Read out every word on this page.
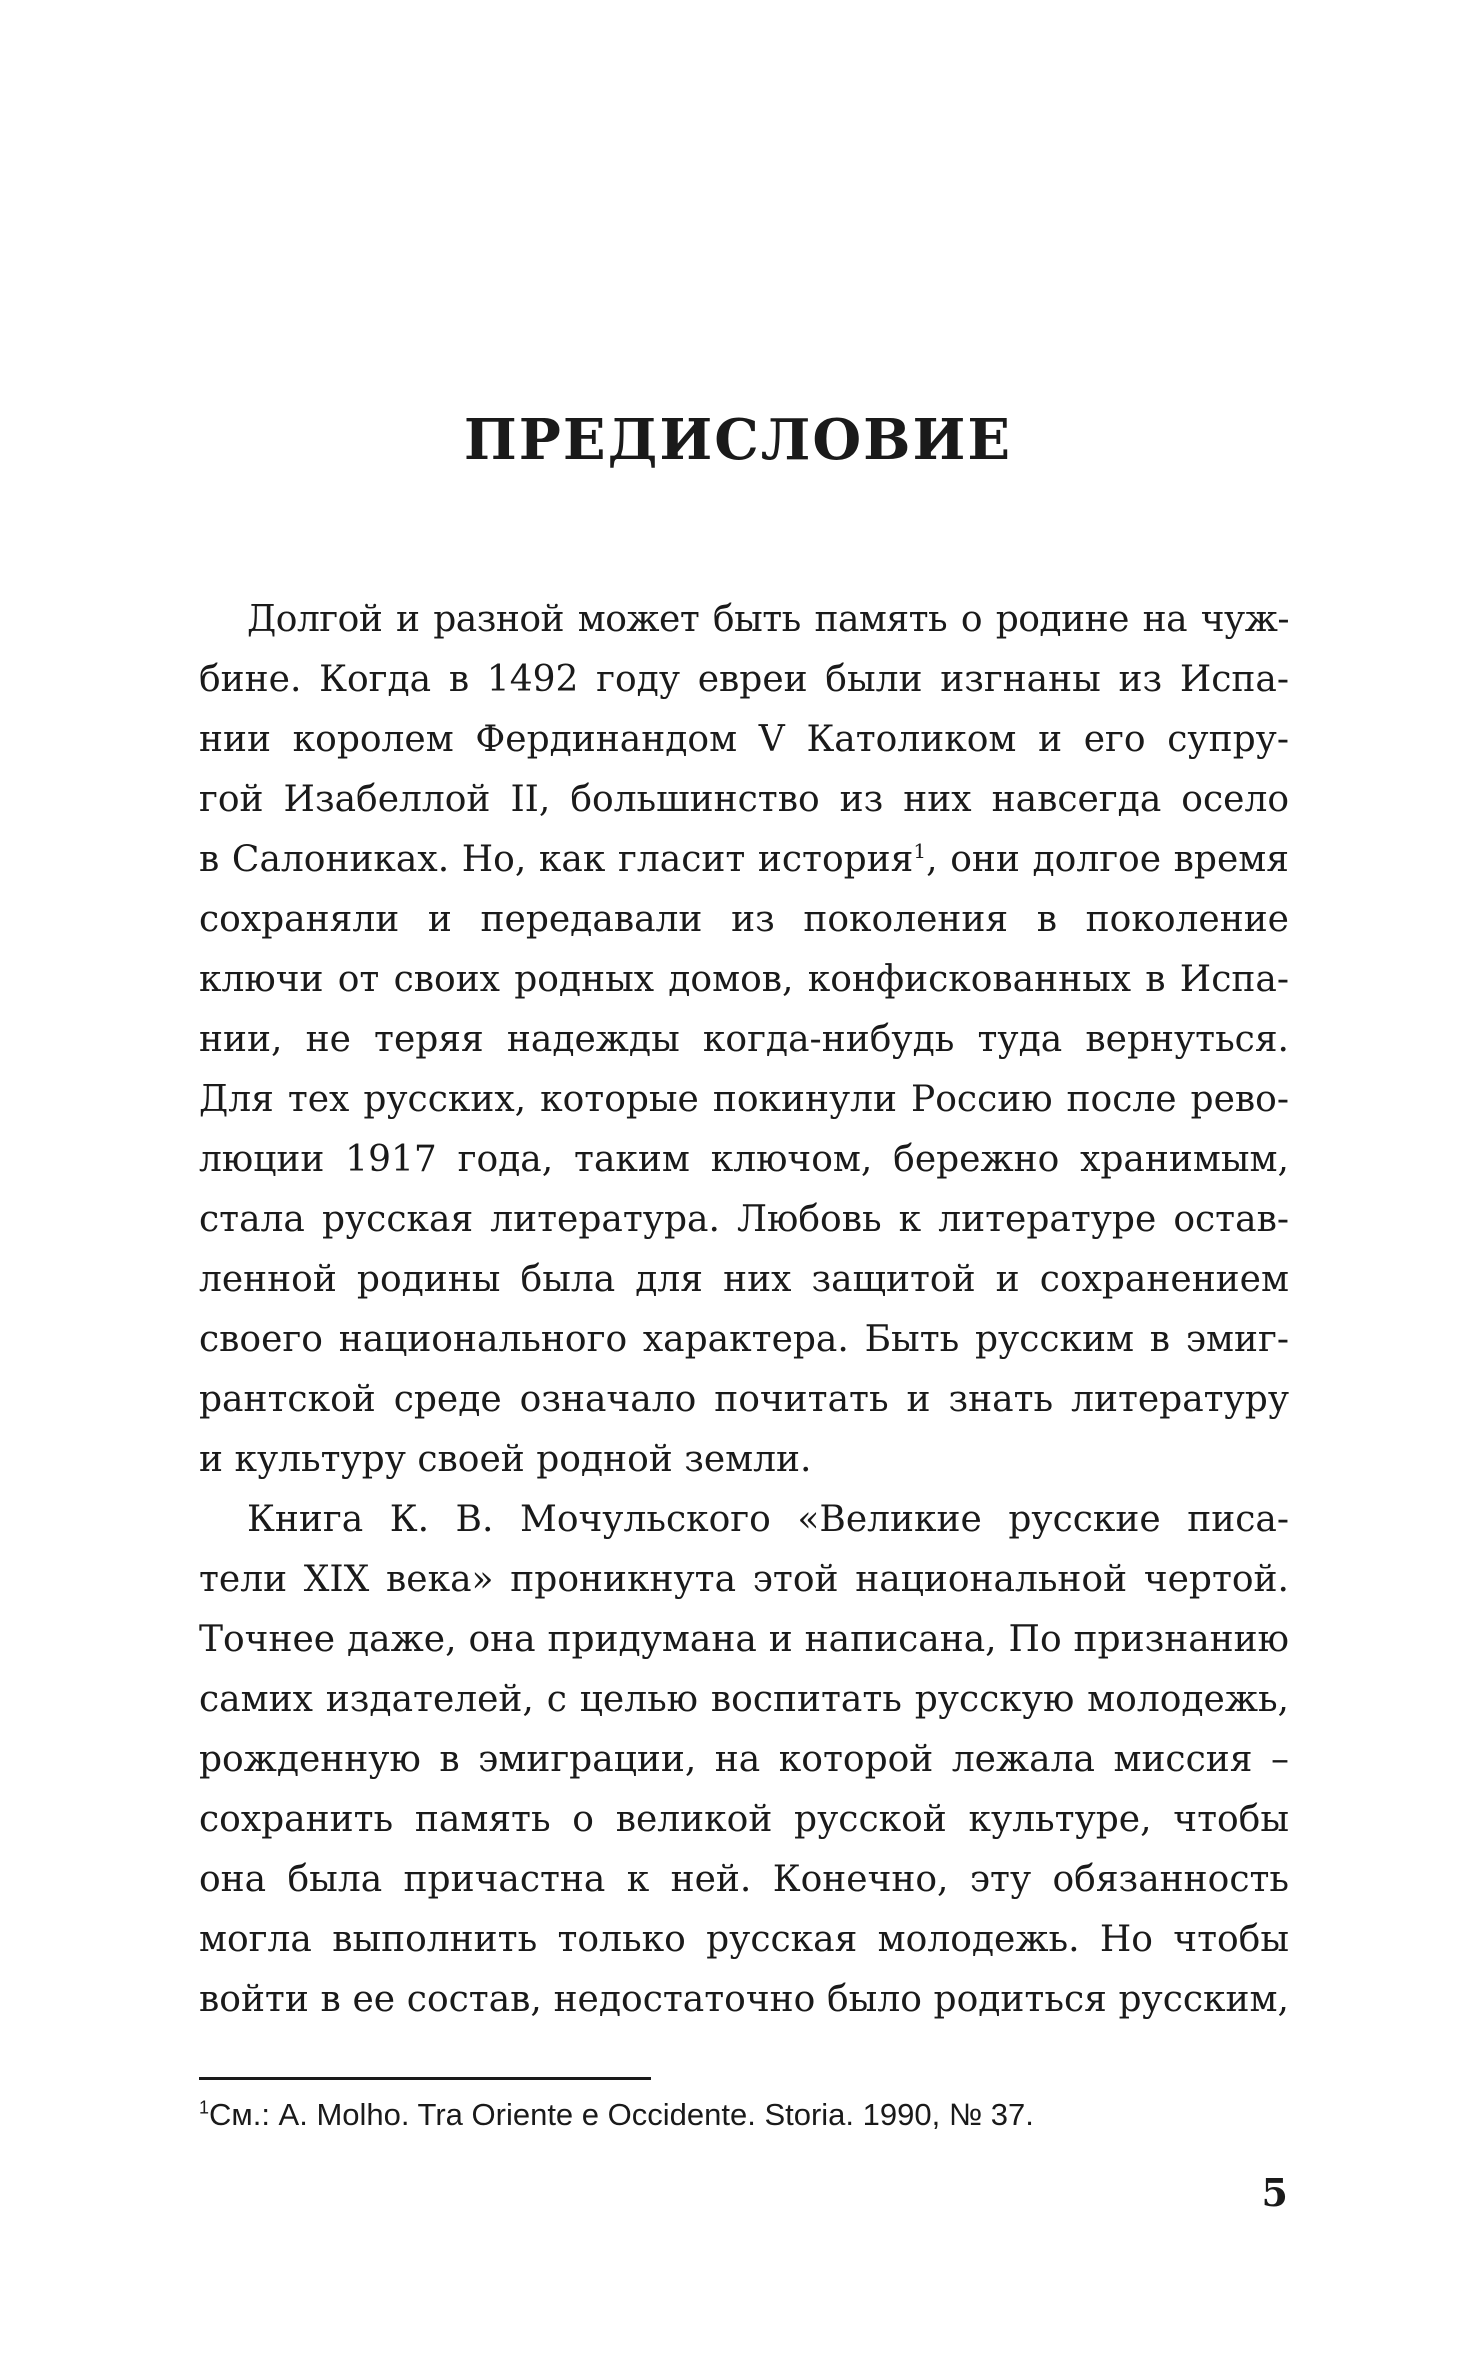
ПРЕДИСЛОВИЕ
Долгой и разной может быть память о родине на чуж-
бине. Когда в 1492 году евреи были изгнаны из Испа-
нии королем Фердинандом V Католиком и его супру-
гой Изабеллой II, большинство из них навсегда осело
в Салониках. Но, как гласит история$^1$, они долгое время
сохраняли и передавали из поколения в поколение
ключи от своих родных домов, конфискованных в Испа-
нии, не теряя надежды когда-нибудь туда вернуться.
Для тех русских, которые покинули Россию после рево-
люции 1917 года, таким ключом, бережно хранимым,
стала русская литература. Любовь к литературе остав-
ленной родины была для них защитой и сохранением
своего национального характера. Быть русским в эмиг-
рантской среде означало почитать и знать литературу
и культуру своей родной земли.
Книга К. В. Мочульского «Великие русские писа-
тели XIX века» проникнута этой национальной чертой.
Точнее даже, она придумана и написана, По признанию
самих издателей, с целью воспитать русскую молодежь,
рожденную в эмиграции, на которой лежала миссия –
сохранить память о великой русской культуре, чтобы
она была причастна к ней. Конечно, эту обязанность
могла выполнить только русская молодежь. Но чтобы
войти в ее состав, недостаточно было родиться русским,
$^1$См.: A. Molho. Tra Oriente e Occidente. Storia. 1990, № 37.
5
